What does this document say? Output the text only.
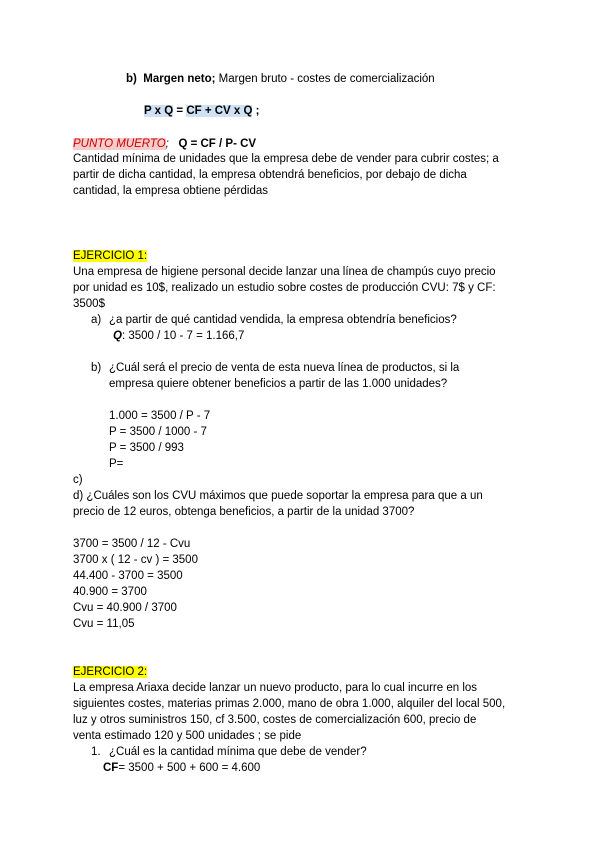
b) Margen neto; Margen bruto - costes de comercialización
P x Q = CF + CV x Q ;
PUNTO MUERTO; Q = CF / P- CV
Cantidad mínima de unidades que la empresa debe de vender para cubrir costes; a
partir de dicha cantidad, la empresa obtendrá beneficios, por debajo de dicha
cantidad, la empresa obtiene pérdidas
EJERCICIO 1:
Una empresa de higiene personal decide lanzar una línea de champús cuyo precio
por unidad es 10$, realizado un estudio sobre costes de producción CVU: 7$ y CF:
3500$
a) ¿a partir de qué cantidad vendida, la empresa obtendría beneficios?
Q: 3500 / 10 - 7 = 1.166,7
b) ¿Cuál será el precio de venta de esta nueva línea de productos, si la
empresa quiere obtener beneficios a partir de las 1.000 unidades?
1.000 = 3500 / P - 7
P = 3500 / 1000 - 7
P = 3500 / 993
P=
c)
d) ¿Cuáles son los CVU máximos que puede soportar la empresa para que a un
precio de 12 euros, obtenga beneficios, a partir de la unidad 3700?
3700 = 3500 / 12 - Cvu
3700 x ( 12 - cv ) = 3500
44.400 - 3700 = 3500
40.900 = 3700
Cvu = 40.900 / 3700
Cvu = 11,05
EJERCICIO 2:
La empresa Ariaxa decide lanzar un nuevo producto, para lo cual incurre en los
siguientes costes, materias primas 2.000, mano de obra 1.000, alquiler del local 500,
luz y otros suministros 150, cf 3.500, costes de comercialización 600, precio de
venta estimado 120 y 500 unidades ; se pide
1. ¿Cuál es la cantidad mínima que debe de vender?
CF= 3500 + 500 + 600 = 4.600
